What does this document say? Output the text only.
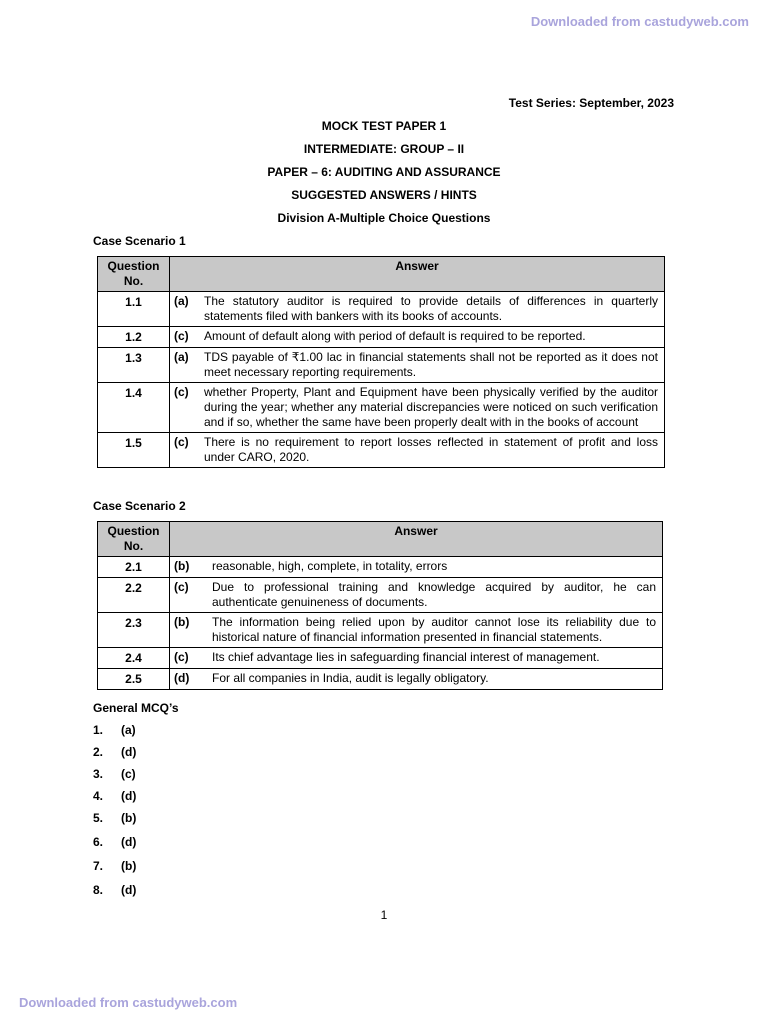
Downloaded from castudyweb.com
Test Series: September, 2023
MOCK TEST PAPER 1
INTERMEDIATE: GROUP – II
PAPER – 6: AUDITING AND ASSURANCE
SUGGESTED ANSWERS / HINTS
Division A-Multiple Choice Questions
Case Scenario 1
Question No.	Answer	
1.1	(a)	The statutory auditor is required to provide details of differences in quarterly statements filed with bankers with its books of accounts.
1.2	(c)	Amount of default along with period of default is required to be reported.
1.3	(a)	TDS payable of ₹1.00 lac in financial statements shall not be reported as it does not meet necessary reporting requirements.
1.4	(c)	whether Property, Plant and Equipment have been physically verified by the auditor during the year; whether any material discrepancies were noticed on such verification and if so, whether the same have been properly dealt with in the books of account
1.5	(c)	There is no requirement to report losses reflected in statement of profit and loss under CARO, 2020.
Case Scenario 2
Question No.	Answer	
2.1	(b)	reasonable, high, complete, in totality, errors
2.2	(c)	Due to professional training and knowledge acquired by auditor, he can authenticate genuineness of documents.
2.3	(b)	The information being relied upon by auditor cannot lose its reliability due to historical nature of financial information presented in financial statements.
2.4	(c)	Its chief advantage lies in safeguarding financial interest of management.
2.5	(d)	For all companies in India, audit is legally obligatory.
General MCQ’s
1. (a)
2. (d)
3. (c)
4. (d)
5. (b)
6. (d)
7. (b)
8. (d)
1
Downloaded from castudyweb.com
